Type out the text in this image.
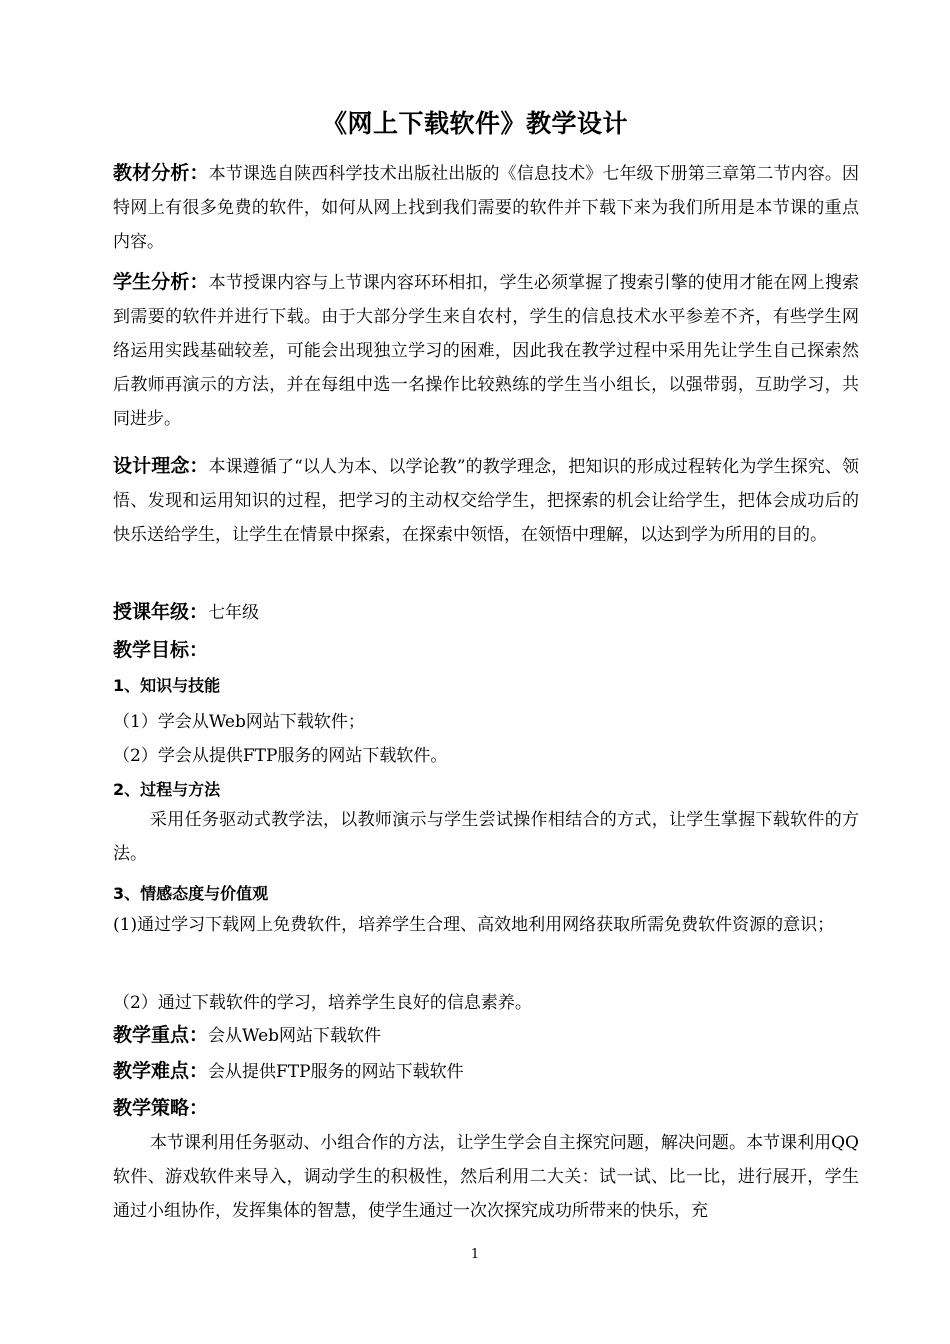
《网上下载软件》教学设计
教材分析：本节课选自陕西科学技术出版社出版的《信息技术》七年级下册第三章第二节内容。因特网上有很多免费的软件，如何从网上找到我们需要的软件并下载下来为我们所用是本节课的重点内容。
学生分析：本节授课内容与上节课内容环环相扣，学生必须掌握了搜索引擎的使用才能在网上搜索到需要的软件并进行下载。由于大部分学生来自农村，学生的信息技术水平参差不齐，有些学生网络运用实践基础较差，可能会出现独立学习的困难，因此我在教学过程中采用先让学生自己探索然后教师再演示的方法，并在每组中选一名操作比较熟练的学生当小组长，以强带弱，互助学习，共同进步。
设计理念：本课遵循了“以人为本、以学论教”的教学理念，把知识的形成过程转化为学生探究、领悟、发现和运用知识的过程，把学习的主动权交给学生，把探索的机会让给学生，把体会成功后的快乐送给学生，让学生在情景中探索，在探索中领悟，在领悟中理解，以达到学为所用的目的。
授课年级：七年级
教学目标：
1、知识与技能
（1）学会从Web网站下载软件；
（2）学会从提供FTP服务的网站下载软件。
2、过程与方法
采用任务驱动式教学法，以教师演示与学生尝试操作相结合的方式，让学生掌握下载软件的方法。
3、情感态度与价值观
(1)通过学习下载网上免费软件，培养学生合理、高效地利用网络获取所需免费软件资源的意识；
（2）通过下载软件的学习，培养学生良好的信息素养。
教学重点：会从Web网站下载软件
教学难点：会从提供FTP服务的网站下载软件
教学策略：
本节课利用任务驱动、小组合作的方法，让学生学会自主探究问题，解决问题。本节课利用QQ软件、游戏软件来导入，调动学生的积极性，然后利用二大关：试一试、比一比，进行展开，学生通过小组协作，发挥集体的智慧，使学生通过一次次探究成功所带来的快乐，充
1
